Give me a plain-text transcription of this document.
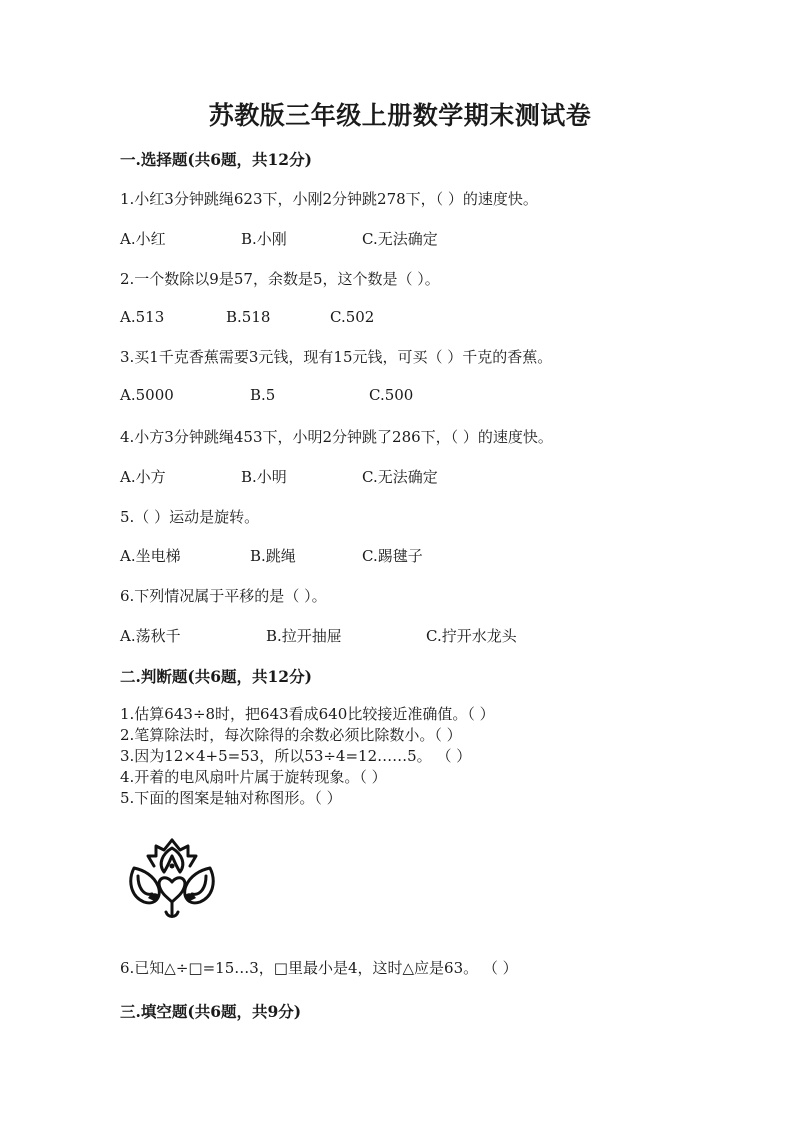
苏教版三年级上册数学期末测试卷
一.选择题(共6题，共12分)
1.小红3分钟跳绳623下，小刚2分钟跳278下，（ ）的速度快。
A.小红	B.小刚	C.无法确定
2.一个数除以9是57，余数是5，这个数是（ ）。
A.513	B.518	C.502
3.买1千克香蕉需要3元钱，现有15元钱，可买（ ）千克的香蕉。
A.5000	B.5	C.500
4.小方3分钟跳绳453下，小明2分钟跳了286下，（ ）的速度快。
A.小方	B.小明	C.无法确定
5.（ ）运动是旋转。
A.坐电梯	B.跳绳	C.踢毽子
6.下列情况属于平移的是（ ）。
A.荡秋千	B.拉开抽屉	C.拧开水龙头
二.判断题(共6题，共12分)
1.估算643÷8时，把643看成640比较接近准确值。（ ）
2.笔算除法时，每次除得的余数必须比除数小。（ ）
3.因为12×4+5=53，所以53÷4=12……5。 （ ）
4.开着的电风扇叶片属于旋转现象。（ ）
5.下面的图案是轴对称图形。（ ）
6.已知△÷□=15…3，□里最小是4，这时△应是63。 （ ）
三.填空题(共6题，共9分)
